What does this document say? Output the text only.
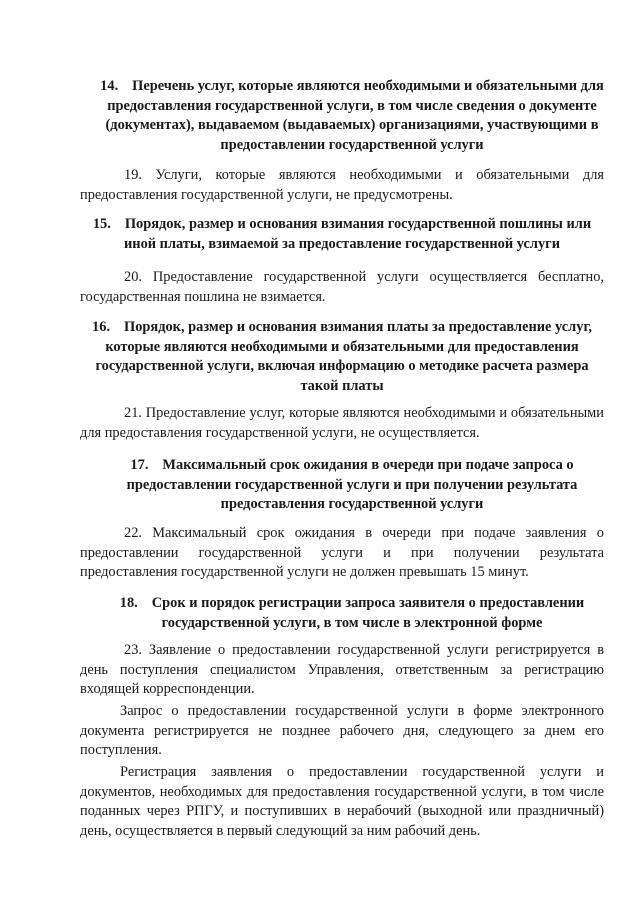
14. Перечень услуг, которые являются необходимыми и обязательными для предоставления государственной услуги, в том числе сведения о документе (документах), выдаваемом (выдаваемых) организациями, участвующими в предоставлении государственной услуги
19. Услуги, которые являются необходимыми и обязательными для предоставления государственной услуги, не предусмотрены.
15. Порядок, размер и основания взимания государственной пошлины или иной платы, взимаемой за предоставление государственной услуги
20. Предоставление государственной услуги осуществляется бесплатно, государственная пошлина не взимается.
16. Порядок, размер и основания взимания платы за предоставление услуг, которые являются необходимыми и обязательными для предоставления государственной услуги, включая информацию о методике расчета размера такой платы
21. Предоставление услуг, которые являются необходимыми и обязательными для предоставления государственной услуги, не осуществляется.
17. Максимальный срок ожидания в очереди при подаче запроса о предоставлении государственной услуги и при получении результата предоставления государственной услуги
22. Максимальный срок ожидания в очереди при подаче заявления о предоставлении государственной услуги и при получении результата предоставления государственной услуги не должен превышать 15 минут.
18. Срок и порядок регистрации запроса заявителя о предоставлении государственной услуги, в том числе в электронной форме
23. Заявление о предоставлении государственной услуги регистрируется в день поступления специалистом Управления, ответственным за регистрацию входящей корреспонденции.
Запрос о предоставлении государственной услуги в форме электронного документа регистрируется не позднее рабочего дня, следующего за днем его поступления.
Регистрация заявления о предоставлении государственной услуги и документов, необходимых для предоставления государственной услуги, в том числе поданных через РПГУ, и поступивших в нерабочий (выходной или праздничный) день, осуществляется в первый следующий за ним рабочий день.
